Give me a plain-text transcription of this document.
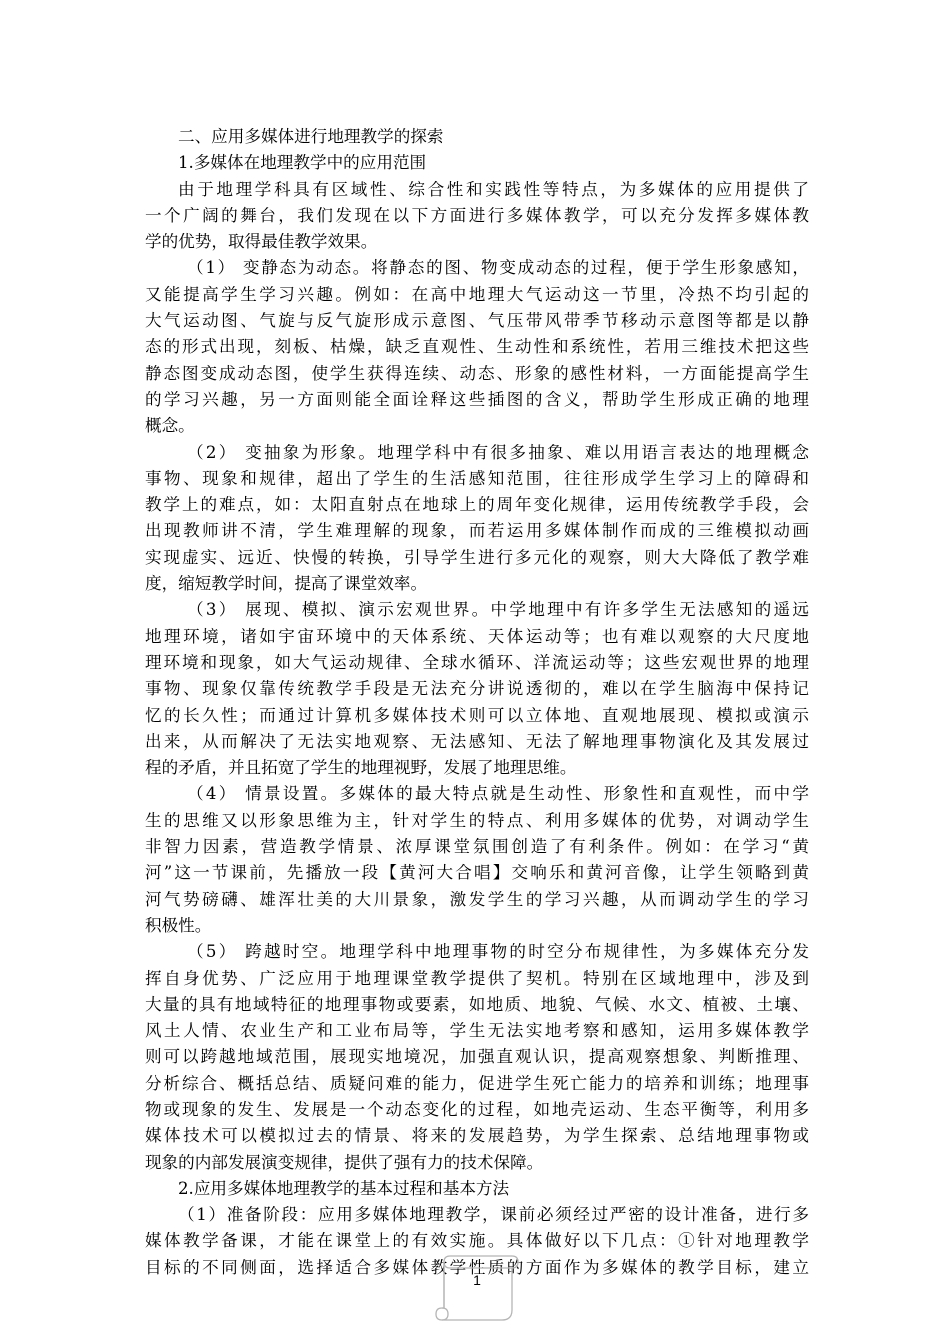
二、应用多媒体进行地理教学的探索
1.多媒体在地理教学中的应用范围
由于地理学科具有区域性、综合性和实践性等特点，为多媒体的应用提供了
一个广阔的舞台，我们发现在以下方面进行多媒体教学，可以充分发挥多媒体教
学的优势，取得最佳教学效果。
（1） 变静态为动态。将静态的图、物变成动态的过程，便于学生形象感知，
又能提高学生学习兴趣。例如：在高中地理大气运动这一节里，冷热不均引起的
大气运动图、气旋与反气旋形成示意图、气压带风带季节移动示意图等都是以静
态的形式出现，刻板、枯燥，缺乏直观性、生动性和系统性，若用三维技术把这些
静态图变成动态图，使学生获得连续、动态、形象的感性材料，一方面能提高学生
的学习兴趣，另一方面则能全面诠释这些插图的含义，帮助学生形成正确的地理
概念。
（2） 变抽象为形象。地理学科中有很多抽象、难以用语言表达的地理概念
事物、现象和规律，超出了学生的生活感知范围，往往形成学生学习上的障碍和
教学上的难点，如：太阳直射点在地球上的周年变化规律，运用传统教学手段，会
出现教师讲不清，学生难理解的现象，而若运用多媒体制作而成的三维模拟动画
实现虚实、远近、快慢的转换，引导学生进行多元化的观察，则大大降低了教学难
度，缩短教学时间，提高了课堂效率。
（3） 展现、模拟、演示宏观世界。中学地理中有许多学生无法感知的遥远
地理环境，诸如宇宙环境中的天体系统、天体运动等；也有难以观察的大尺度地
理环境和现象，如大气运动规律、全球水循环、洋流运动等；这些宏观世界的地理
事物、现象仅靠传统教学手段是无法充分讲说透彻的，难以在学生脑海中保持记
忆的长久性；而通过计算机多媒体技术则可以立体地、直观地展现、模拟或演示
出来，从而解决了无法实地观察、无法感知、无法了解地理事物演化及其发展过
程的矛盾，并且拓宽了学生的地理视野，发展了地理思维。
（4） 情景设置。多媒体的最大特点就是生动性、形象性和直观性，而中学
生的思维又以形象思维为主，针对学生的特点、利用多媒体的优势，对调动学生
非智力因素，营造教学情景、浓厚课堂氛围创造了有利条件。例如：在学习“黄
河”这一节课前，先播放一段【黄河大合唱】交响乐和黄河音像，让学生领略到黄
河气势磅礴、雄浑壮美的大川景象，激发学生的学习兴趣，从而调动学生的学习
积极性。
（5） 跨越时空。地理学科中地理事物的时空分布规律性，为多媒体充分发
挥自身优势、广泛应用于地理课堂教学提供了契机。特别在区域地理中，涉及到
大量的具有地域特征的地理事物或要素，如地质、地貌、气候、水文、植被、土壤、
风土人情、农业生产和工业布局等，学生无法实地考察和感知，运用多媒体教学
则可以跨越地域范围，展现实地境况，加强直观认识，提高观察想象、判断推理、
分析综合、概括总结、质疑问难的能力，促进学生死亡能力的培养和训练；地理事
物或现象的发生、发展是一个动态变化的过程，如地壳运动、生态平衡等，利用多
媒体技术可以模拟过去的情景、将来的发展趋势，为学生探索、总结地理事物或
现象的内部发展演变规律，提供了强有力的技术保障。
2.应用多媒体地理教学的基本过程和基本方法
（1）准备阶段：应用多媒体地理教学，课前必须经过严密的设计准备，进行多
媒体教学备课，才能在课堂上的有效实施。具体做好以下几点：①针对地理教学
目标的不同侧面，选择适合多媒体教学性质的方面作为多媒体的教学目标，建立
1
